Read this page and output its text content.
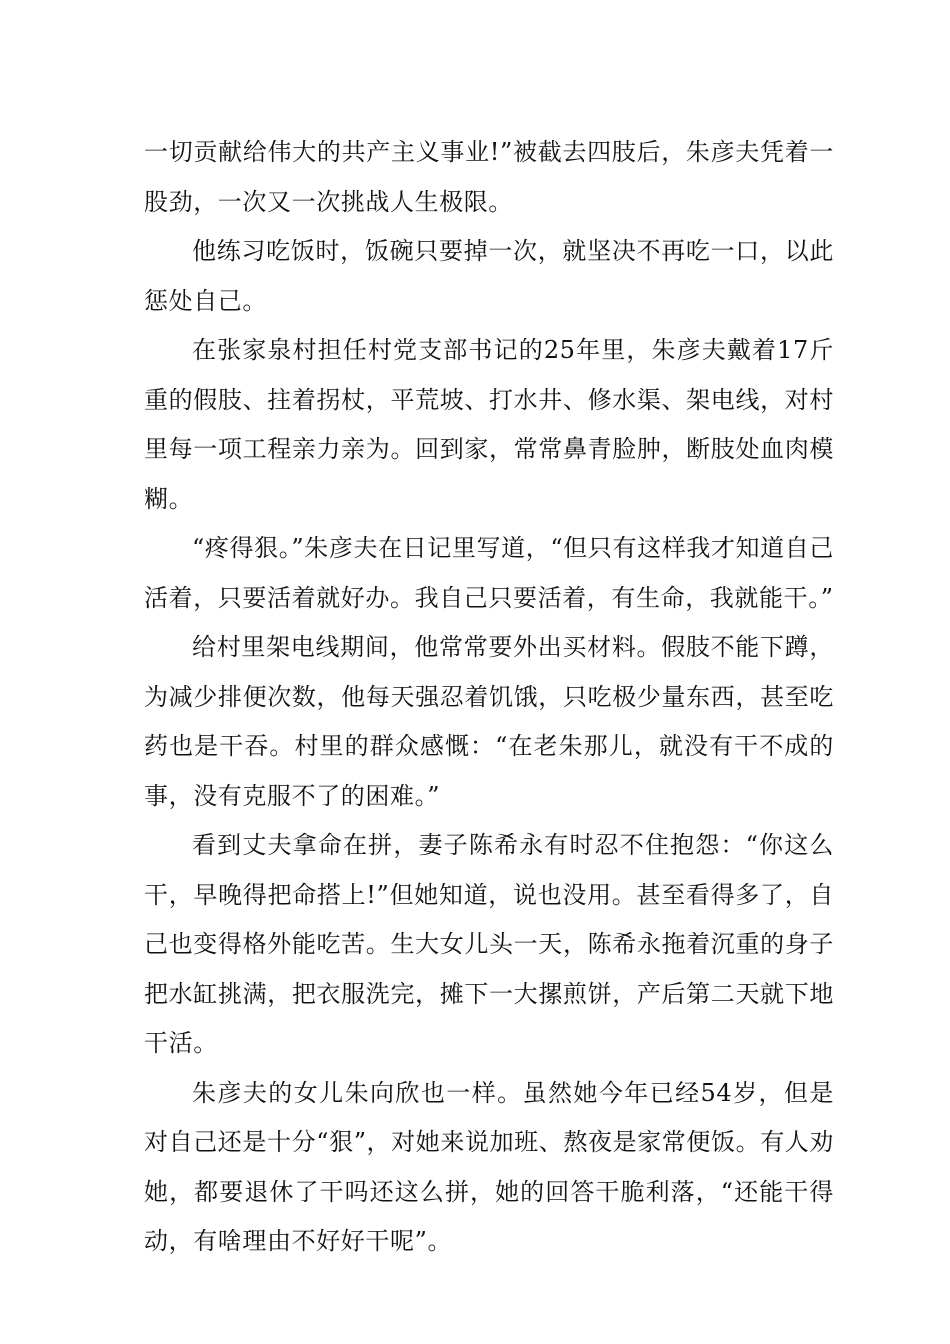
一切贡献给伟大的共产主义事业!”被截去四肢后，朱彦夫凭着一股劲，一次又一次挑战人生极限。

他练习吃饭时，饭碗只要掉一次，就坚决不再吃一口，以此惩处自己。

在张家泉村担任村党支部书记的25年里，朱彦夫戴着17斤重的假肢、拄着拐杖，平荒坡、打水井、修水渠、架电线，对村里每一项工程亲力亲为。回到家，常常鼻青脸肿，断肢处血肉模糊。

“疼得狠。”朱彦夫在日记里写道，“但只有这样我才知道自己活着，只要活着就好办。我自己只要活着，有生命，我就能干。”

给村里架电线期间，他常常要外出买材料。假肢不能下蹲，为减少排便次数，他每天强忍着饥饿，只吃极少量东西，甚至吃药也是干吞。村里的群众感慨：“在老朱那儿，就没有干不成的事，没有克服不了的困难。”

看到丈夫拿命在拼，妻子陈希永有时忍不住抱怨：“你这么干，早晚得把命搭上!”但她知道，说也没用。甚至看得多了，自己也变得格外能吃苦。生大女儿头一天，陈希永拖着沉重的身子把水缸挑满，把衣服洗完，摊下一大摞煎饼，产后第二天就下地干活。

朱彦夫的女儿朱向欣也一样。虽然她今年已经54岁，但是对自己还是十分“狠”，对她来说加班、熬夜是家常便饭。有人劝她，都要退休了干吗还这么拼，她的回答干脆利落，“还能干得动，有啥理由不好好干呢”。
